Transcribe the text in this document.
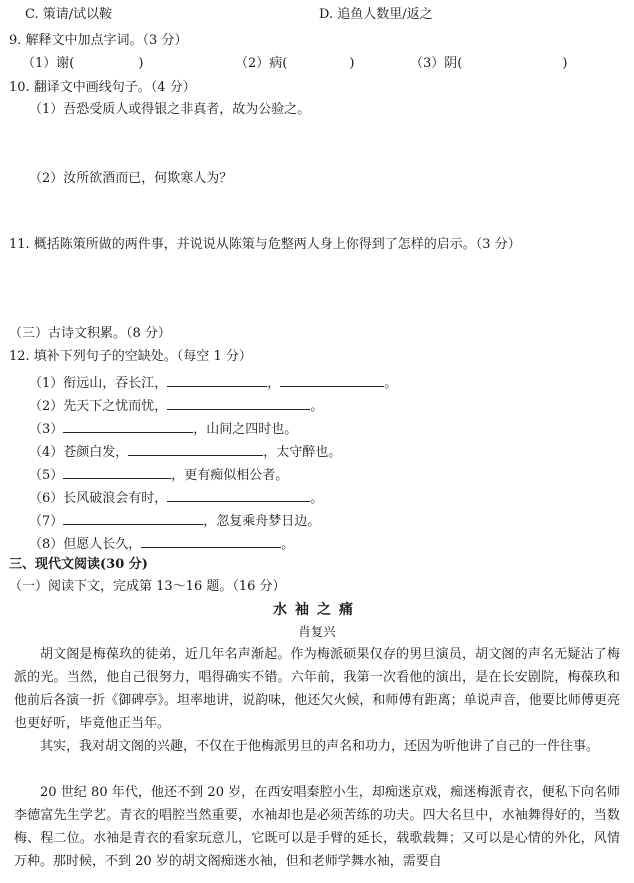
C. 策请/试以鞍	D. 追鱼人数里/返之
9. 解释文中加点字词。（3 分）
（1）谢(	)	（2）病(	)	（3）阴(	)
10. 翻译文中画线句子。（4 分）
（1）吾恐受质人或得银之非真者，故为公验之。
（2）汝所欲酒而已，何欺寒人为？
11. 概括陈策所做的两件事，并说说从陈策与危整两人身上你得到了怎样的启示。（3 分）
（三）古诗文积累。（8 分）
12. 填补下列句子的空缺处。（每空 1 分）
（1）衔远山，吞长江，	，	。
（2）先天下之忧而忧，	。
（3）	，山间之四时也。
（4）苍颜白发，	，太守醉也。
（5）	，更有痴似相公者。
（6）长风破浪会有时，	。
（7）	，忽复乘舟梦日边。
（8）但愿人长久，	。
三、现代文阅读(30 分)
（一）阅读下文，完成第 13～16 题。（16 分）
水袖之痛
肖复兴
胡文阁是梅葆玖的徒弟，近几年名声渐起。作为梅派硕果仅存的男旦演员，胡文阁的声名无疑沾了梅派的光。当然，他自己很努力，唱得确实不错。六年前，我第一次看他的演出，是在长安剧院，梅葆玖和他前后各演一折《御碑亭》。坦率地讲，说韵味，他还欠火候，和师傅有距离；单说声音，他要比师傅更亮也更好听，毕竟他正当年。
其实，我对胡文阁的兴趣，不仅在于他梅派男旦的声名和功力，还因为听他讲了自己的一件往事。
20 世纪 80 年代，他还不到 20 岁，在西安唱秦腔小生，却痴迷京戏，痴迷梅派青衣，便私下向名师李德富先生学艺。青衣的唱腔当然重要，水袖却也是必须苦练的功夫。四大名旦中，水袖舞得好的，当数梅、程二位。水袖是青衣的看家玩意儿，它既可以是手臂的延长，载歌载舞；又可以是心情的外化，风情万种。那时候，不到 20 岁的胡文阁痴迷水袖，但和老师学舞水袖，需要自
